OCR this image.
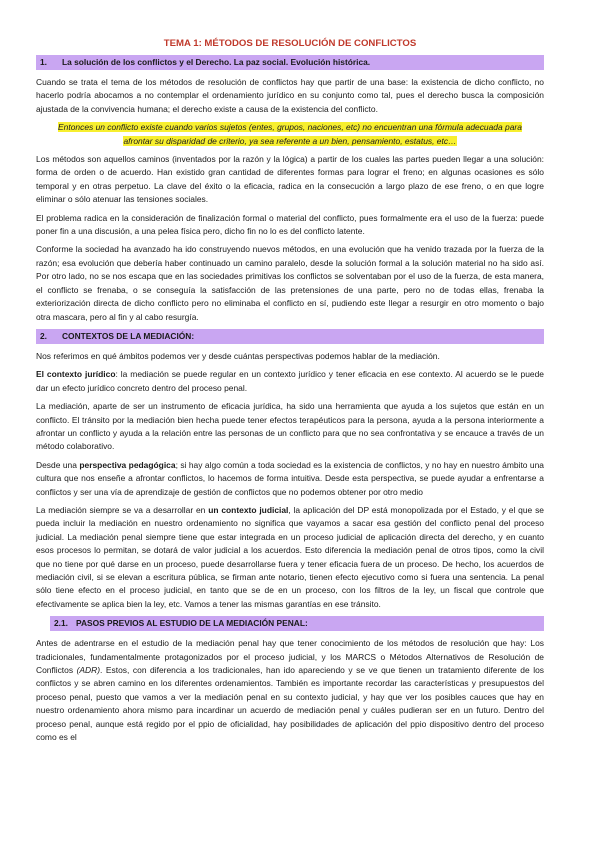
TEMA 1: MÉTODOS DE RESOLUCIÓN DE CONFLICTOS
1. La solución de los conflictos y el Derecho. La paz social. Evolución histórica.

Cuando se trata el tema de los métodos de resolución de conflictos hay que partir de una base: la existencia de dicho conflicto, no hacerlo podría abocamos a no contemplar el ordenamiento jurídico en su conjunto como tal, pues el derecho busca la composición ajustada de la convivencia humana; el derecho existe a causa de la existencia del conflicto.

Entonces un conflicto existe cuando varios sujetos (entes, grupos, naciones, etc) no encuentran una fórmula adecuada para afrontar su disparidad de criterio, ya sea referente a un bien, pensamiento, estatus, etc…

Los métodos son aquellos caminos (inventados por la razón y la lógica) a partir de los cuales las partes pueden llegar a una solución: forma de orden o de acuerdo. Han existido gran cantidad de diferentes formas para lograr el freno; en algunas ocasiones es sólo temporal y en otras perpetuo. La clave del éxito o la eficacia, radica en la consecución a largo plazo de ese freno, o en que logre eliminar o sólo atenuar las tensiones sociales.

El problema radica en la consideración de finalización formal o material del conflicto, pues formalmente era el uso de la fuerza: puede poner fin a una discusión, a una pelea física pero, dicho fin no lo es del conflicto latente.

Conforme la sociedad ha avanzado ha ido construyendo nuevos métodos, en una evolución que ha venido trazada por la fuerza de la razón; esa evolución que debería haber continuado un camino paralelo, desde la solución formal a la solución material no ha sido así. Por otro lado, no se nos escapa que en las sociedades primitivas los conflictos se solventaban por el uso de la fuerza, de esta manera, el conflicto se frenaba, o se conseguía la satisfacción de las pretensiones de una parte, pero no de todas ellas, frenaba la exteriorización directa de dicho conflicto pero no eliminaba el conflicto en sí, pudiendo este llegar a resurgir en otro momento o bajo otra mascara, pero al fin y al cabo resurgía.

2. CONTEXTOS DE LA MEDIACIÓN:

Nos referimos en qué ámbitos podemos ver y desde cuántas perspectivas podemos hablar de la mediación.

El contexto jurídico: la mediación se puede regular en un contexto jurídico y tener eficacia en ese contexto. Al acuerdo se le puede dar un efecto jurídico concreto dentro del proceso penal.

La mediación, aparte de ser un instrumento de eficacia jurídica, ha sido una herramienta que ayuda a los sujetos que están en un conflicto. El tránsito por la mediación bien hecha puede tener efectos terapéuticos para la persona, ayuda a la persona interiormente a afrontar un conflicto y ayuda a la relación entre las personas de un conflicto para que no sea confrontativa y se encauce a través de un método colaborativo.

Desde una perspectiva pedagógica; si hay algo común a toda sociedad es la existencia de conflictos, y no hay en nuestro ámbito una cultura que nos enseñe a afrontar conflictos, lo hacemos de forma intuitiva. Desde esta perspectiva, se puede ayudar a enfrentarse a conflictos y ser una vía de aprendizaje de gestión de conflictos que no podemos obtener por otro medio

La mediación siempre se va a desarrollar en un contexto judicial, la aplicación del DP está monopolizada por el Estado, y el que se pueda incluir la mediación en nuestro ordenamiento no significa que vayamos a sacar esa gestión del conflicto penal del proceso judicial. La mediación penal siempre tiene que estar integrada en un proceso judicial de aplicación directa del derecho, y en cuanto esos procesos lo permitan, se dotará de valor judicial a los acuerdos. Esto diferencia la mediación penal de otros tipos, como la civil que no tiene por qué darse en un proceso, puede desarrollarse fuera y tener eficacia fuera de un proceso. De hecho, los acuerdos de mediación civil, si se elevan a escritura pública, se firman ante notario, tienen efecto ejecutivo como si fuera una sentencia. La penal sólo tiene efecto en el proceso judicial, en tanto que se de en un proceso, con los filtros de la ley, un fiscal que controle que efectivamente se aplica bien la ley, etc. Vamos a tener las mismas garantías en ese tránsito.

2.1. PASOS PREVIOS AL ESTUDIO DE LA MEDIACIÓN PENAL:

Antes de adentrarse en el estudio de la mediación penal hay que tener conocimiento de los métodos de resolución que hay: Los tradicionales, fundamentalmente protagonizados por el proceso judicial, y los MARCS o Métodos Alternativos de Resolución de Conflictos (ADR). Estos, con diferencia a los tradicionales, han ido apareciendo y se ve que tienen un tratamiento diferente de los conflictos y se abren camino en los diferentes ordenamientos. También es importante recordar las características y presupuestos del proceso penal, puesto que vamos a ver la mediación penal en su contexto judicial, y hay que ver los posibles cauces que hay en nuestro ordenamiento ahora mismo para incardinar un acuerdo de mediación penal y cuáles pudieran ser en un futuro. Dentro del proceso penal, aunque está regido por el ppio de oficialidad, hay posibilidades de aplicación del ppio dispositivo dentro del proceso como es el
